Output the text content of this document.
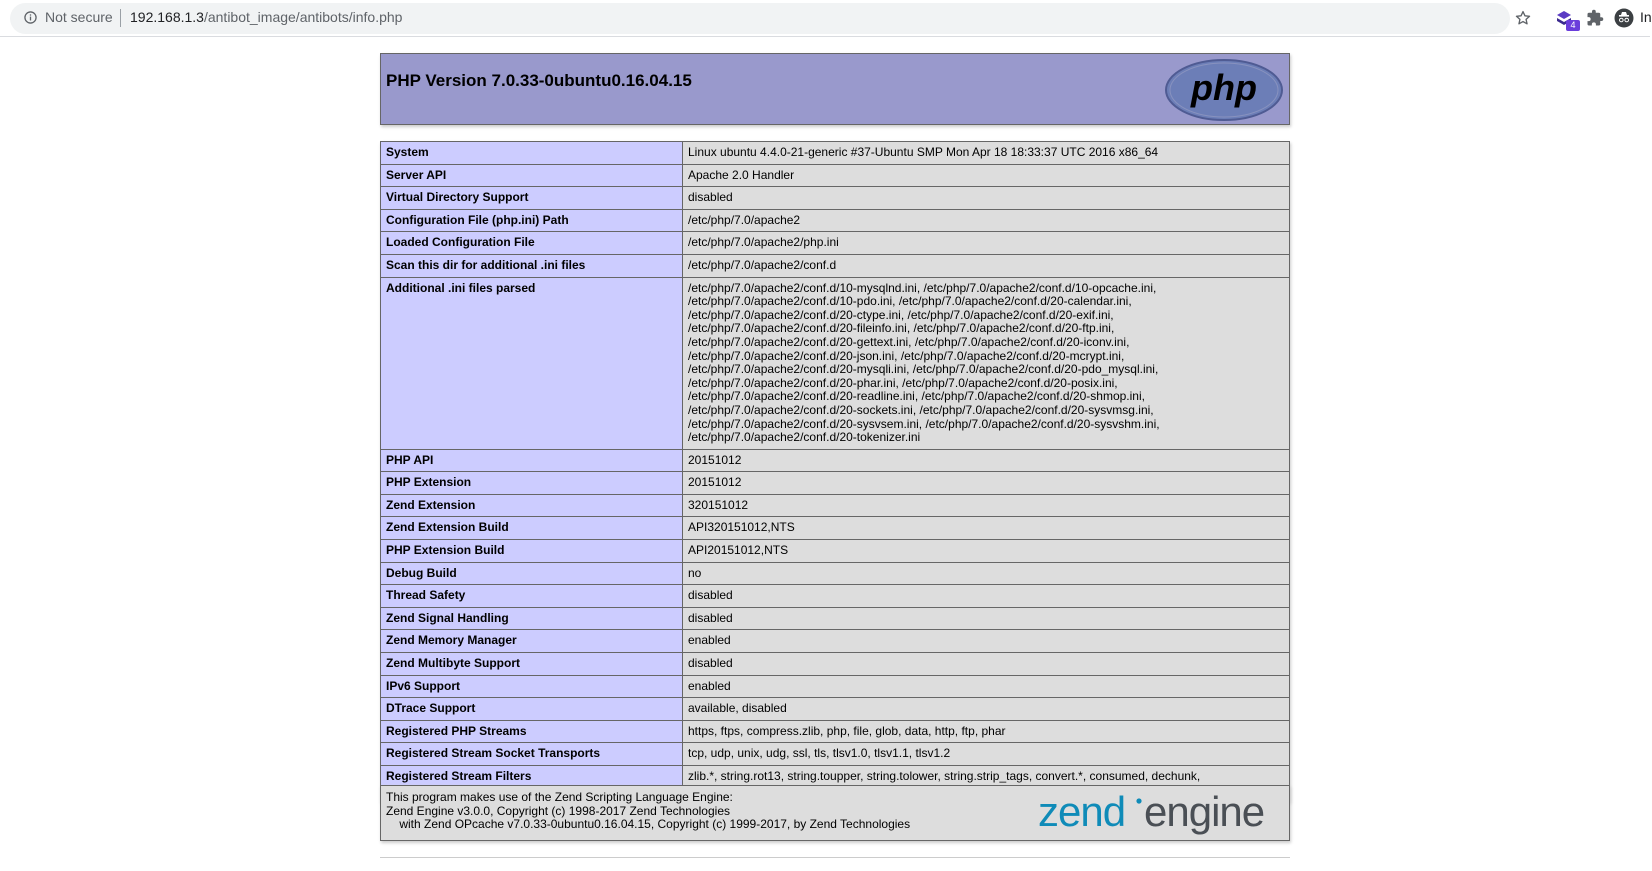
Not secure 192.168.1.3/antibot_image/antibots/info.php	4	In
PHP Version 7.0.33-0ubuntu0.16.04.15	php
System	Linux ubuntu 4.4.0-21-generic #37-Ubuntu SMP Mon Apr 18 18:33:37 UTC 2016 x86_64
Server API	Apache 2.0 Handler
Virtual Directory Support	disabled
Configuration File (php.ini) Path	/etc/php/7.0/apache2
Loaded Configuration File	/etc/php/7.0/apache2/php.ini
Scan this dir for additional .ini files	/etc/php/7.0/apache2/conf.d
Additional .ini files parsed	/etc/php/7.0/apache2/conf.d/10-mysqlnd.ini, /etc/php/7.0/apache2/conf.d/10-opcache.ini, /etc/php/7.0/apache2/conf.d/10-pdo.ini, /etc/php/7.0/apache2/conf.d/20-calendar.ini, /etc/php/7.0/apache2/conf.d/20-ctype.ini, /etc/php/7.0/apache2/conf.d/20-exif.ini, /etc/php/7.0/apache2/conf.d/20-fileinfo.ini, /etc/php/7.0/apache2/conf.d/20-ftp.ini, /etc/php/7.0/apache2/conf.d/20-gettext.ini, /etc/php/7.0/apache2/conf.d/20-iconv.ini, /etc/php/7.0/apache2/conf.d/20-json.ini, /etc/php/7.0/apache2/conf.d/20-mcrypt.ini, /etc/php/7.0/apache2/conf.d/20-mysqli.ini, /etc/php/7.0/apache2/conf.d/20-pdo_mysql.ini, /etc/php/7.0/apache2/conf.d/20-phar.ini, /etc/php/7.0/apache2/conf.d/20-posix.ini, /etc/php/7.0/apache2/conf.d/20-readline.ini, /etc/php/7.0/apache2/conf.d/20-shmop.ini, /etc/php/7.0/apache2/conf.d/20-sockets.ini, /etc/php/7.0/apache2/conf.d/20-sysvmsg.ini, /etc/php/7.0/apache2/conf.d/20-sysvsem.ini, /etc/php/7.0/apache2/conf.d/20-sysvshm.ini, /etc/php/7.0/apache2/conf.d/20-tokenizer.ini
PHP API	20151012
PHP Extension	20151012
Zend Extension	320151012
Zend Extension Build	API320151012,NTS
PHP Extension Build	API20151012,NTS
Debug Build	no
Thread Safety	disabled
Zend Signal Handling	disabled
Zend Memory Manager	enabled
Zend Multibyte Support	disabled
IPv6 Support	enabled
DTrace Support	available, disabled
Registered PHP Streams	https, ftps, compress.zlib, php, file, glob, data, http, ftp, phar
Registered Stream Socket Transports	tcp, udp, unix, udg, ssl, tls, tlsv1.0, tlsv1.1, tlsv1.2
Registered Stream Filters	zlib.*, string.rot13, string.toupper, string.tolower, string.strip_tags, convert.*, consumed, dechunk,
This program makes use of the Zend Scripting Language Engine:
Zend Engine v3.0.0, Copyright (c) 1998-2017 Zend Technologies
with Zend OPcache v7.0.33-0ubuntu0.16.04.15, Copyright (c) 1999-2017, by Zend Technologies	zend engine
